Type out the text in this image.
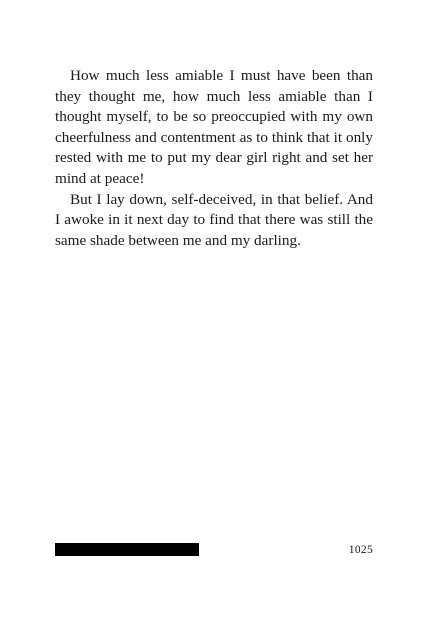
How much less amiable I must have been than they thought me, how much less amiable than I thought myself, to be so preoccupied with my own cheerfulness and contentment as to think that it only rested with me to put my dear girl right and set her mind at peace!

But I lay down, self-deceived, in that belief. And I awoke in it next day to find that there was still the same shade between me and my darling.

1025
